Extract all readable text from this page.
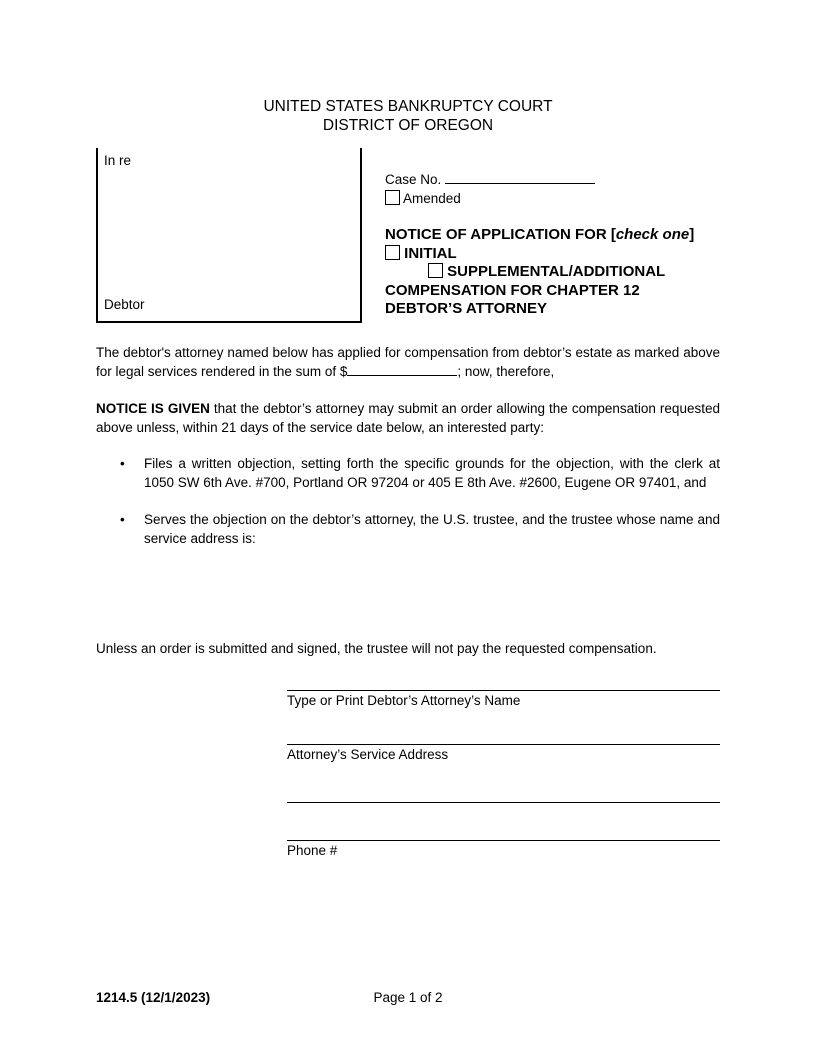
UNITED STATES BANKRUPTCY COURT
DISTRICT OF OREGON
In re
Debtor
Case No.
Amended
NOTICE OF APPLICATION FOR [check one]  INITIAL
SUPPLEMENTAL/ADDITIONAL
COMPENSATION FOR CHAPTER 12 DEBTOR’S ATTORNEY

The debtor's attorney named below has applied for compensation from debtor’s estate as marked above for legal services rendered in the sum of $	; now, therefore,

NOTICE IS GIVEN that the debtor’s attorney may submit an order allowing the compensation requested above unless, within 21 days of the service date below, an interested party:

•	Files a written objection, setting forth the specific grounds for the objection, with the clerk at 1050 SW 6th Ave. #700, Portland OR 97204 or 405 E 8th Ave. #2600, Eugene OR 97401, and
•	Serves the objection on the debtor’s attorney, the U.S. trustee, and the trustee whose name and service address is:

Unless an order is submitted and signed, the trustee will not pay the requested compensation.

Type or Print Debtor’s Attorney’s Name
Attorney’s Service Address
Phone #
1214.5 (12/1/2023)	Page 1 of 2
